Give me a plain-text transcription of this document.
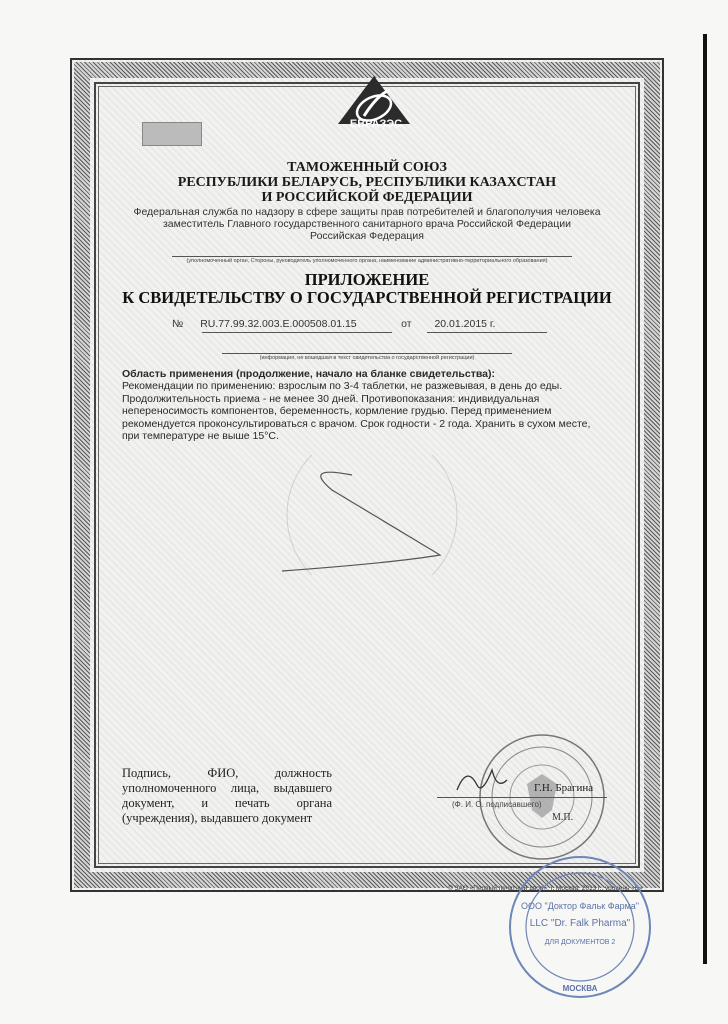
ЕВРАЗЭС
ТАМОЖЕННЫЙ СОЮЗ
РЕСПУБЛИКИ БЕЛАРУСЬ, РЕСПУБЛИКИ КАЗАХСТАН
И РОССИЙСКОЙ ФЕДЕРАЦИИ
Федеральная служба по надзору в сфере защиты прав потребителей и благополучия человека
заместитель Главного государственного санитарного врача Российской Федерации
Российская Федерация
(уполномоченный орган, Стороны, руководитель уполномоченного органа, наименование административно-территориального образования)
ПРИЛОЖЕНИЕ
К СВИДЕТЕЛЬСТВУ О ГОСУДАРСТВЕННОЙ РЕГИСТРАЦИИ
№ RU.77.99.32.003.E.000508.01.15	от 20.01.2015 г.
(информация, не вошедшая в текст свидетельства о государственной регистрации)

Область применения (продолжение, начало на бланке свидетельства):

Рекомендации по применению: взрослым по 3-4 таблетки, не разжевывая, в день до еды. Продолжительность приема - не менее 30 дней. Противопоказания: индивидуальная непереносимость компонентов, беременность, кормление грудью. Перед применением рекомендуется проконсультироваться с врачом. Срок годности - 2 года. Хранить в сухом месте, при температуре не выше 15°С.

Подпись, ФИО, должность уполномоченного лица, выдавшего документ, и печать органа (учреждения), выдавшего документ
Г.Н. Брагина
(Ф. И. О. подписавшего)
М.П.
© ЗАО «Первый печатный двор», г. Москва, 2013 г., уровень «Б»
ООО "Доктор Фальк Фарма"
LLC "Dr. Falk Pharma"
ДЛЯ ДОКУМЕНТОВ 2
МОСКВА
